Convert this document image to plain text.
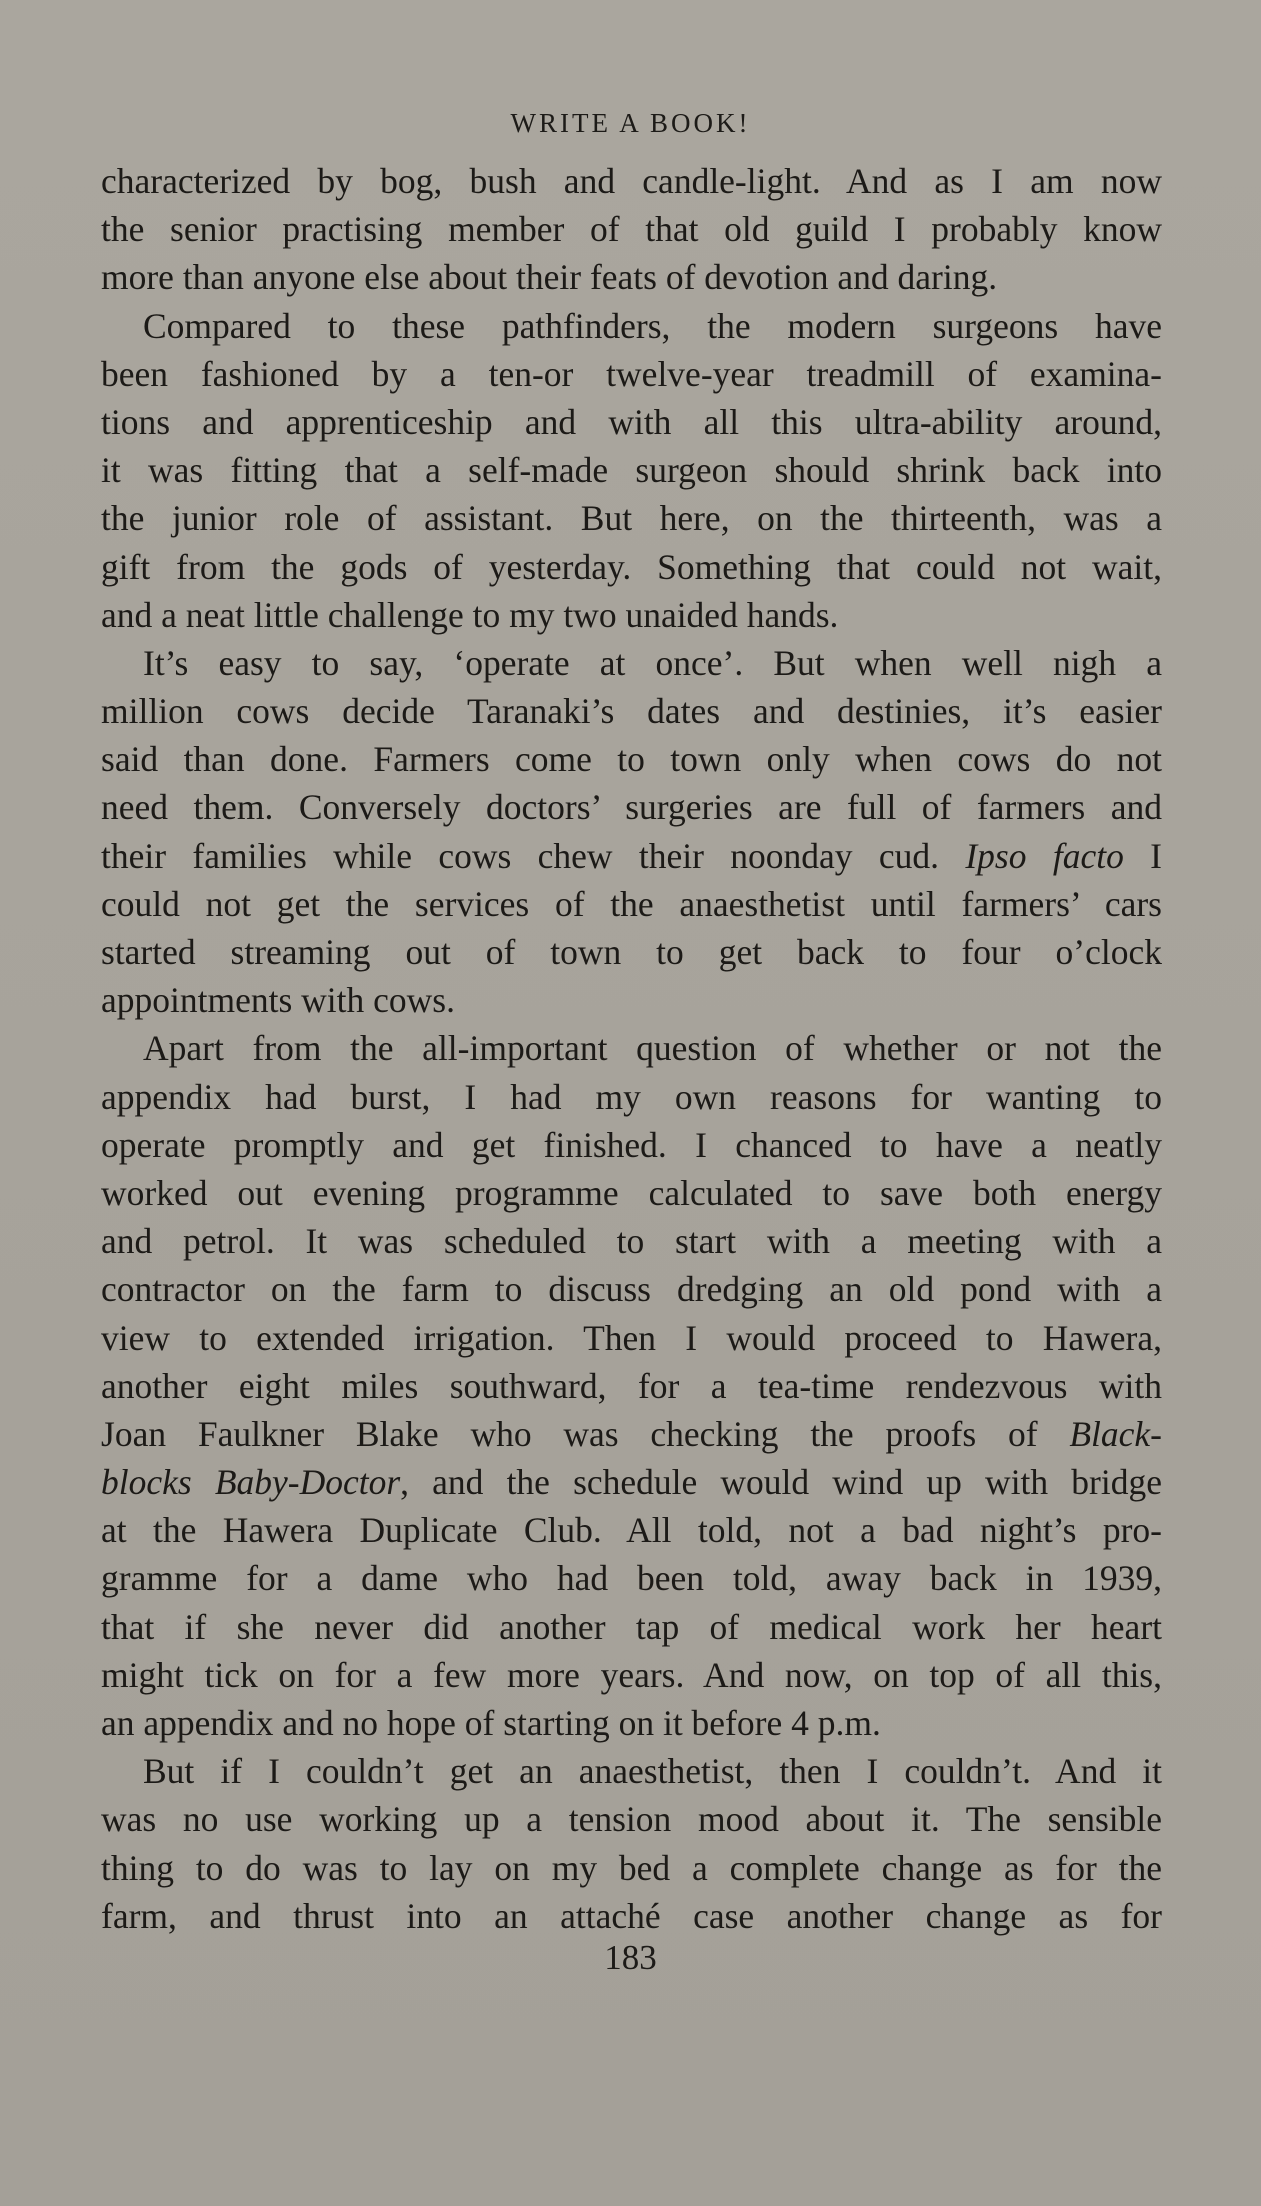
WRITE A BOOK!
characterized by bog, bush and candle-light. And as I am now
the senior practising member of that old guild I probably know
more than anyone else about their feats of devotion and daring.
Compared to these pathfinders, the modern surgeons have
been fashioned by a ten-or twelve-year treadmill of examina-
tions and apprenticeship and with all this ultra-ability around,
it was fitting that a self-made surgeon should shrink back into
the junior role of assistant. But here, on the thirteenth, was a
gift from the gods of yesterday. Something that could not wait,
and a neat little challenge to my two unaided hands.
It’s easy to say, ‘operate at once’. But when well nigh a
million cows decide Taranaki’s dates and destinies, it’s easier
said than done. Farmers come to town only when cows do not
need them. Conversely doctors’ surgeries are full of farmers and
their families while cows chew their noonday cud. Ipso facto I
could not get the services of the anaesthetist until farmers’ cars
started streaming out of town to get back to four o’clock
appointments with cows.
Apart from the all-important question of whether or not the
appendix had burst, I had my own reasons for wanting to
operate promptly and get finished. I chanced to have a neatly
worked out evening programme calculated to save both energy
and petrol. It was scheduled to start with a meeting with a
contractor on the farm to discuss dredging an old pond with a
view to extended irrigation. Then I would proceed to Hawera,
another eight miles southward, for a tea-time rendezvous with
Joan Faulkner Blake who was checking the proofs of Black-
blocks Baby-Doctor, and the schedule would wind up with bridge
at the Hawera Duplicate Club. All told, not a bad night’s pro-
gramme for a dame who had been told, away back in 1939,
that if she never did another tap of medical work her heart
might tick on for a few more years. And now, on top of all this,
an appendix and no hope of starting on it before 4 p.m.
But if I couldn’t get an anaesthetist, then I couldn’t. And it
was no use working up a tension mood about it. The sensible
thing to do was to lay on my bed a complete change as for the
farm, and thrust into an attaché case another change as for
183
